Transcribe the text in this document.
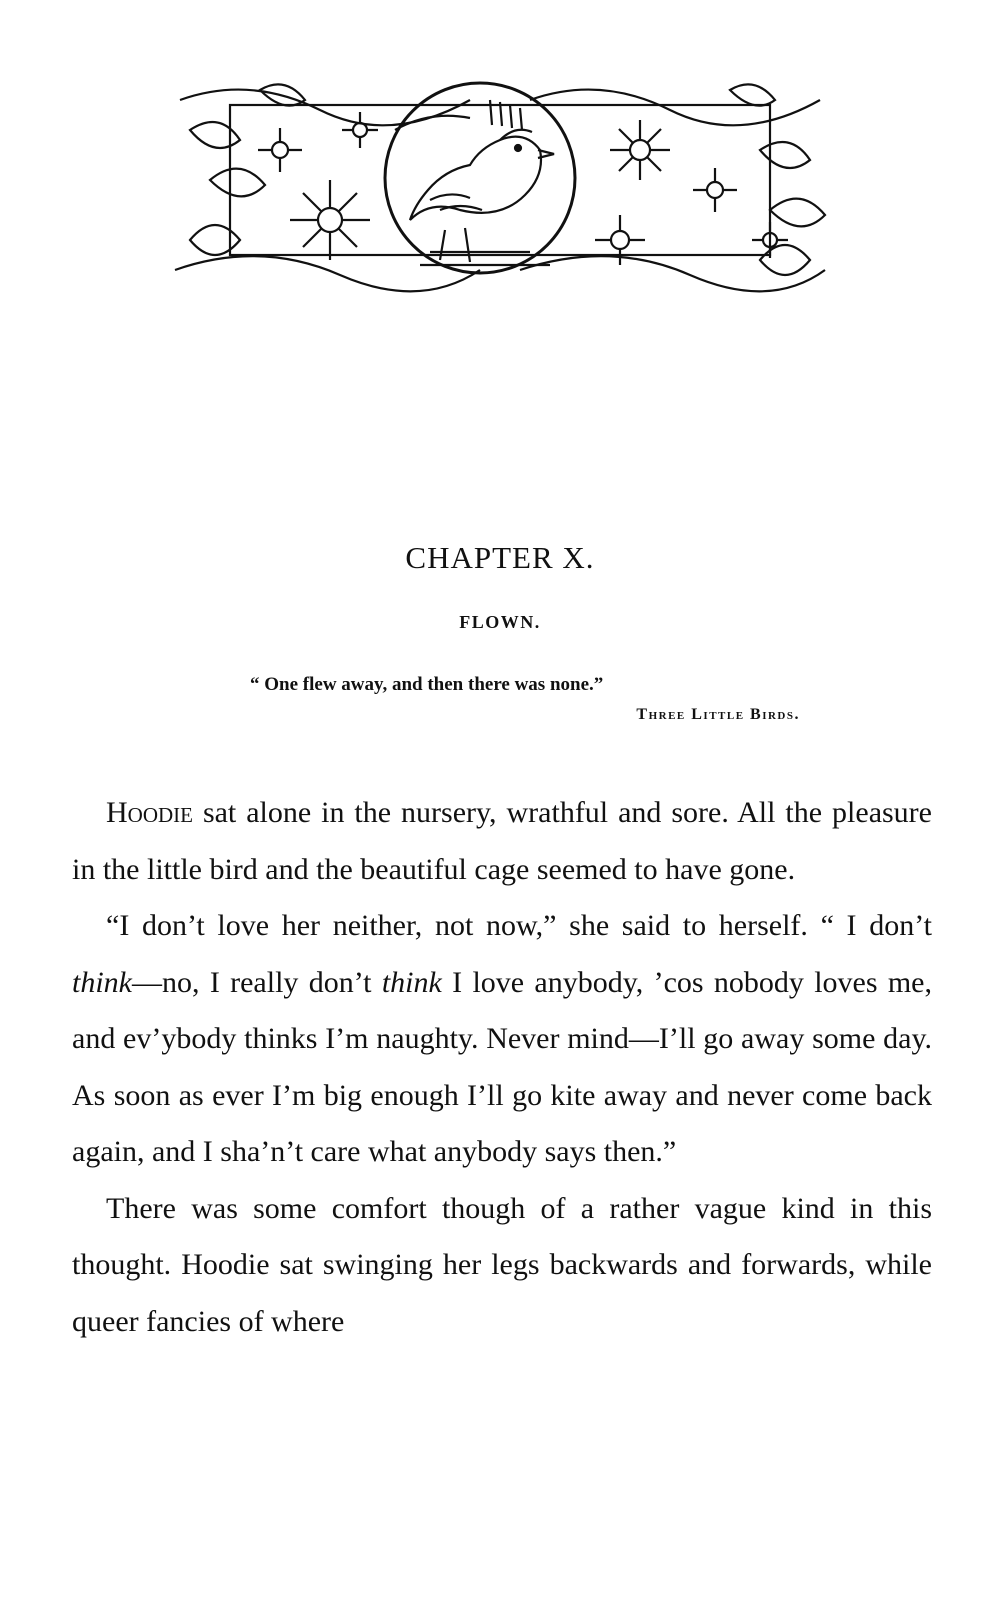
CHAPTER X.
FLOWN.
“ One flew away, and then there was none.”
Three Little Birds.

Hoodie sat alone in the nursery, wrathful and sore. All the pleasure in the little bird and the beautiful cage seemed to have gone.

“I don’t love her neither, not now,” she said to herself. “ I don’t think—no, I really don’t think I love anybody, ’cos nobody loves me, and ev’ybody thinks I’m naughty. Never mind—I’ll go away some day. As soon as ever I’m big enough I’ll go kite away and never come back again, and I sha’n’t care what anybody says then.”

There was some comfort though of a rather vague kind in this thought. Hoodie sat swinging her legs backwards and forwards, while queer fancies of where
